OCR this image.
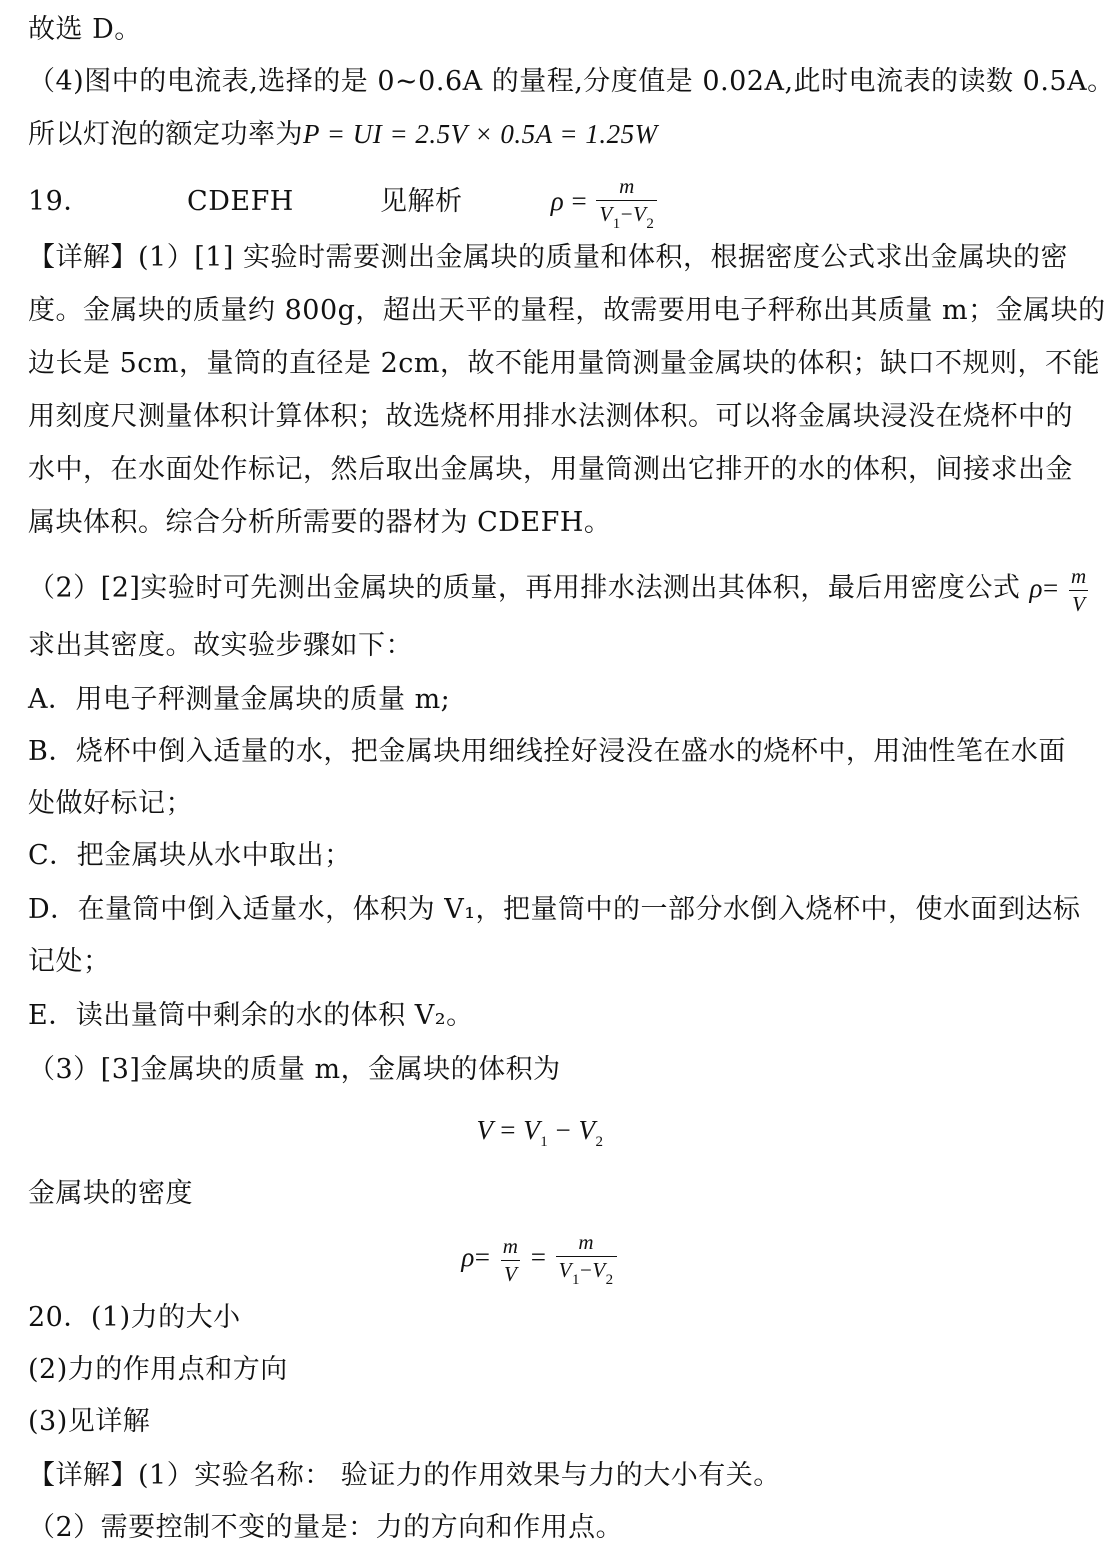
故选 D。
（4)图中的电流表,选择的是 0~0.6A 的量程,分度值是 0.02A,此时电流表的读数 0.5A。
所以灯泡的额定功率为P = UI = 2.5V × 0.5A = 1.25W
19．	CDEFH	见解析	$\rho = \frac{m}{V_1-V_2}$
【详解】(1）[1] 实验时需要测出金属块的质量和体积，根据密度公式求出金属块的密
度。金属块的质量约 800g，超出天平的量程，故需要用电子秤称出其质量 m；金属块的
边长是 5cm，量筒的直径是 2cm，故不能用量筒测量金属块的体积；缺口不规则，不能
用刻度尺测量体积计算体积；故选烧杯用排水法测体积。可以将金属块浸没在烧杯中的
水中，在水面处作标记，然后取出金属块，用量筒测出它排开的水的体积，间接求出金
属块体积。综合分析所需要的器材为 CDEFH。
（2）[2]实验时可先测出金属块的质量，再用排水法测出其体积，最后用密度公式 $\rho= \frac{m}{V}$
求出其密度。故实验步骤如下：
A．用电子秤测量金属块的质量 m;
B．烧杯中倒入适量的水，把金属块用细线拴好浸没在盛水的烧杯中，用油性笔在水面
处做好标记；
C．把金属块从水中取出；
D．在量筒中倒入适量水，体积为 V₁，把量筒中的一部分水倒入烧杯中，使水面到达标
记处；
E．读出量筒中剩余的水的体积 V₂。
（3）[3]金属块的质量 m，金属块的体积为
$V = V_1 - V_2$
金属块的密度
$\rho= \frac{m}{V} = \frac{m}{V_1-V_2}$
20．(1)力的大小
(2)力的作用点和方向
(3)见详解
【详解】(1）实验名称： 验证力的作用效果与力的大小有关。
（2）需要控制不变的量是：力的方向和作用点。
